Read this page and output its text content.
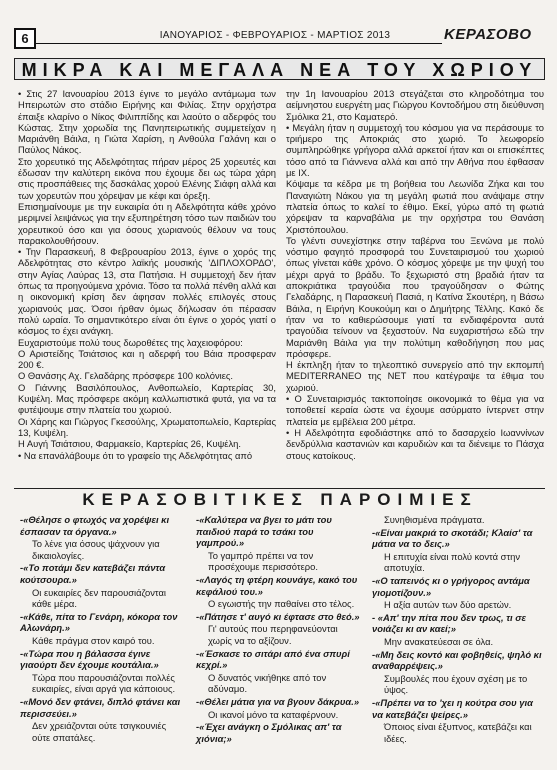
6	ΙΑΝΟΥΑΡΙΟΣ - ΦΕΒΡΟΥΑΡΙΟΣ - ΜΑΡΤΙΟΣ 2013	ΚΕΡΑΣΟΒΟ
ΜΙΚΡΑ ΚΑΙ ΜΕΓΑΛΑ ΝΕΑ ΤΟΥ ΧΩΡΙΟΥ

• Στις 27 Ιανουαρίου 2013 έγινε το μεγάλο αντάμωμα των Ηπειρωτών στο στάδιο Ειρήνης και Φιλίας. Στην ορχήστρα έπαιξε κλαρίνο ο Νίκος Φιλιππίδης και λαούτο ο αδερφός του Κώστας. Στην χορωδία της Πανηπειρωτικής συμμετείχαν η Μαριάνθη Βάιλα, η Γιώτα Χαρίση, η Ανθούλα Γαλάνη και ο Παύλος Νάκος.

Στο χορευτικό της Αδελφότητας πήραν μέρος 25 χορευτές και έδωσαν την καλύτερη εικόνα που έχουμε δει ως τώρα χάρη στις προσπάθειες της δασκάλας χορού Ελένης Σιάφη αλλά και των χορευτών που χόρεψαν με κέφι και όρεξη.

Επισημαίνουμε με την ευκαιρία ότι η Αδελφότητα κάθε χρόνο μεριμνεί λειψάνως για την εξυπηρέτηση τόσο των παιδιών του χορευτικού όσο και για όσους χωριανούς θέλουν να τους παρακολουθήσουν.

• Την Παρασκευή, 8 Φεβρουαρίου 2013, έγινε ο χορός της Αδελφότητας στο κέντρο λαϊκής μουσικής 'ΔΙΠΛΟΧΟΡΔΟ', στην Αγίας Λαύρας 13, στα Πατήσια. Η συμμετοχή δεν ήταν όπως τα προηγούμενα χρόνια. Τόσο τα πολλά πένθη αλλά και η οικονομική κρίση δεν άφησαν πολλές επιλογές στους χωριανούς μας. Όσοι ήρθαν όμως δήλωσαν ότι πέρασαν πολύ ωραία. Το σημαντικότερο είναι ότι έγινε ο χορός γιατί ο κόσμος το έχει ανάγκη.

Ευχαριστούμε πολύ τους δωροθέτες της λαχειοφόρου:

Ο Αριστείδης Τσιάτσιος και η αδερφή του Βάια προσφεραν 200 €.

Ο Θανάσης Αχ. Γελαδάρης πρόσφερε 100 κολόνιες.

Ο Γιάννης Βασιλόπουλος, Ανθοπωλείο, Καρτερίας 30, Κυψέλη. Μας πρόσφερε ακόμη καλλωπιστικά φυτά, για να τα φυτέψουμε στην πλατεία του χωριού.

Οι Χάρης και Γιώργος Γκεσούλης, Χρωματοπωλείο, Καρτερίας 13, Κυψέλη.

Η Αυγή Τσιάτσιου, Φαρμακείο, Καρτερίας 26, Κυψέλη.

• Να επανάλάβουμε ότι το γραφείο της Αδελφότητας από

την 1η Ιανουαρίου 2013 στεγάζεται στο κληροδότημα του αείμνηστου ευεργέτη μας Γιώργου Κοντοδήμου στη διεύθυνση Σμόλικα 21, στο Καματερό.

• Μεγάλη ήταν η συμμετοχή του κόσμου για να περάσουμε το τριήμερο της Αποκριάς στο χωριό. Το λεωφορείο συμπληρώθηκε γρήγορα αλλά αρκετοί ήταν και οι επισκέπτες τόσο από τα Γιάννενα αλλά και από την Αθήνα που έφθασαν με ΙΧ.

Κόψαμε τα κέδρα με τη βοήθεια του Λεωνίδα Ζήκα και του Παναγιώτη Νάκου για τη μεγάλη φωτιά που ανάψαμε στην πλατεία όπως το καλεί το έθιμο. Εκεί, γύρω από τη φωτιά χόρεψαν τα καρναβάλια με την ορχήστρα του Θανάση Χριστόπουλου.

Το γλέντι συνεχίστηκε στην ταβέρνα του Ξενώνα με πολύ νόστιμο φαγητό προσφορά του Συνεταιρισμού του χωριού όπως γίνεται κάθε χρόνο. Ο κόσμος χόρεψε με την ψυχή του μέχρι αργά το βράδυ. Το ξεχωριστό στη βραδιά ήταν τα αποκριάτικα τραγούδια που τραγούδησαν ο Φώτης Γελαδάρης, η Παρασκευή Πασιά, η Κατίνα Σκουτέρη, η Βάσω Βάιλα, η Ειρήνη Κουκούμη και ο Δημήτρης Τέλλης. Κακό δε ήταν να το καθιερώσουμε γιατί τα ενδιαφέροντα αυτά τραγούδια τείνουν να ξεχαστούν. Να ευχαριστήσω εδώ την Μαριάνθη Βάιλα για την πολύτιμη καθοδήγηση που μας πρόσφερε.

Η έκπληξη ήταν το τηλεοπτικό συνεργείο από την εκπομπή MEDITERRANEO της ΝΕΤ που κατέγραψε τα έθιμα του χωριού.

• Ο Συνεταιρισμός τακτοποίησε οικονομικά το θέμα για να τοποθετεί κεραία ώστε να έχουμε ασύρματο ίντερνετ στην πλατεία με εμβέλεια 200 μέτρα.

• Η Αδελφότητα εφοδιάστηκε από το δασαρχείο Ιωαννίνων δενδρύλλια καστανιών και καρυδιών και τα διένειμε το Πάσχα στους κατοίκους.

ΚΕΡΑΣΟΒΙΤΙΚΕΣ ΠΑΡΟΙΜΙΕΣ

-«Θέλησε ο φτωχός να χορέψει κι έσπασαν τα όργανα.»

Το λένε για όσους ψάχνουν για δικαιολογίες.

-«Το ποτάμι δεν κατεβάζει πάντα κούτσουρα.»

Οι ευκαιρίες δεν παρουσιάζονται κάθε μέρα.

-«Κάθε, πίτα το Γενάρη, κόκορα τον Αλωνάρη.»

Κάθε πράγμα στον καιρό του.

-«Τώρα που η βάλασσα έγινε γιαούρτι δεν έχουμε κουτάλια.»

Τώρα που παρουσιάζονται πολλές ευκαιρίες, είναι αργά για κάποιους.

-«Μονό δεν φτάνει, διπλό φτάνει και περισσεύει.»

Δεν χρειάζονται ούτε τσιγκουνιές ούτε σπατάλες.

-«Καλύτερα να βγει το μάτι του παιδιού παρά το τσάκι του γαμπρού.»

Το γαμπρό πρέπει να τον προσέχουμε περισσότερο.

-«Λαγός τη φτέρη κουνάγε, κακό του κεφάλιού του.»

Ο εγωιστής την παθαίνει στο τέλος.

-«Πάτησε τ' αυγό κι έφτασε στο θεό.»

Γι' αυτούς που περηφανεύονται χωρίς να το αξίζουν.

-«Έσκασε το σιτάρι από ένα σπυρί κεχρί.»

Ο δυνατός νικήθηκε από τον αδύναμο.

-«Θέλει μάτια για να βγουν δάκρυα.»

Οι ικανοί μόνο τα καταφέρνουν.

-«Έχει ανάγκη ο Σμόλικας απ' τα χιόνια;»

Συνηθισμένα πράγματα.

-«Είναι μακριά το σκοτάδι; Κλαίσ' τα μάτια να το δεις.»

Η επιτυχία είναι πολύ κοντά στην αποτυχία.

-«Ο ταπεινός κι ο γρήγορος αντάμα γιομοτίζουν.»

Η αξία αυτών των δύο αρετών.

- «Απ' την πίτα που δεν τρως, τι σε νοιάζει κι αν καεί;»

Μην ανακατεύεσαι σε όλα.

-«Μη δεις κοντό και φοβηθείς, ψηλό κι αναθαρρέψεις.»

Συμβουλές που έχουν σχέση με το ύψος.

-«Πρέπει να το 'χει η κούτρα σου για να κατεβάζει ψείρες.»

Όποιος είναι έξυπνος, κατεβάζει και ιδέες.
